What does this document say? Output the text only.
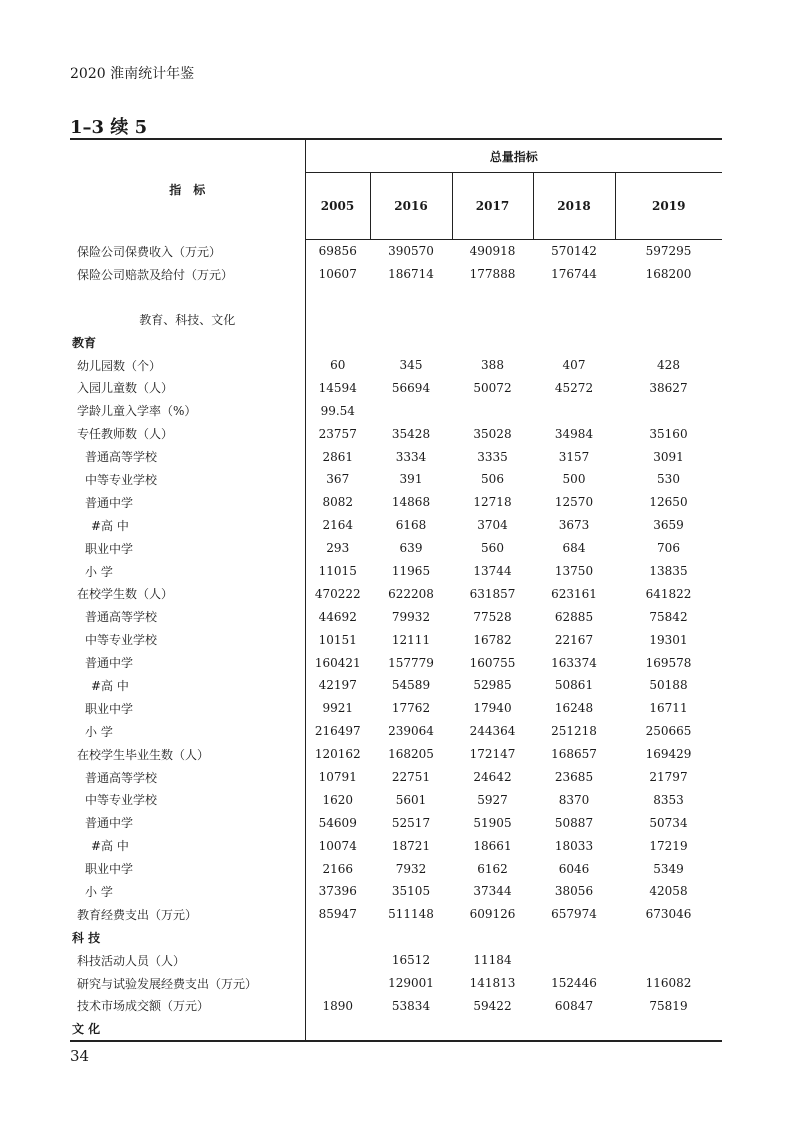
2020 淮南统计年鉴
1–3 续 5
指　标	总量指标				
	2005	2016	2017	2018	2019
保险公司保费收入（万元）	69856	390570	490918	570142	597295
保险公司赔款及给付（万元）	10607	186714	177888	176744	168200

教育、科技、文化					
教育					
幼儿园数（个）	60	345	388	407	428
入园儿童数（人）	14594	56694	50072	45272	38627
学龄儿童入学率（%）	99.54				
专任教师数（人）	23757	35428	35028	34984	35160
普通高等学校	2861	3334	3335	3157	3091
中等专业学校	367	391	506	500	530
普通中学	8082	14868	12718	12570	12650
#高 中	2164	6168	3704	3673	3659
职业中学	293	639	560	684	706
小 学	11015	11965	13744	13750	13835
在校学生数（人）	470222	622208	631857	623161	641822
普通高等学校	44692	79932	77528	62885	75842
中等专业学校	10151	12111	16782	22167	19301
普通中学	160421	157779	160755	163374	169578
#高 中	42197	54589	52985	50861	50188
职业中学	9921	17762	17940	16248	16711
小 学	216497	239064	244364	251218	250665
在校学生毕业生数（人）	120162	168205	172147	168657	169429
普通高等学校	10791	22751	24642	23685	21797
中等专业学校	1620	5601	5927	8370	8353
普通中学	54609	52517	51905	50887	50734
#高 中	10074	18721	18661	18033	17219
职业中学	2166	7932	6162	6046	5349
小 学	37396	35105	37344	38056	42058
教育经费支出（万元）	85947	511148	609126	657974	673046
科 技					
科技活动人员（人）		16512	11184		
研究与试验发展经费支出（万元）		129001	141813	152446	116082
技术市场成交额（万元）	1890	53834	59422	60847	75819
文 化					
34
